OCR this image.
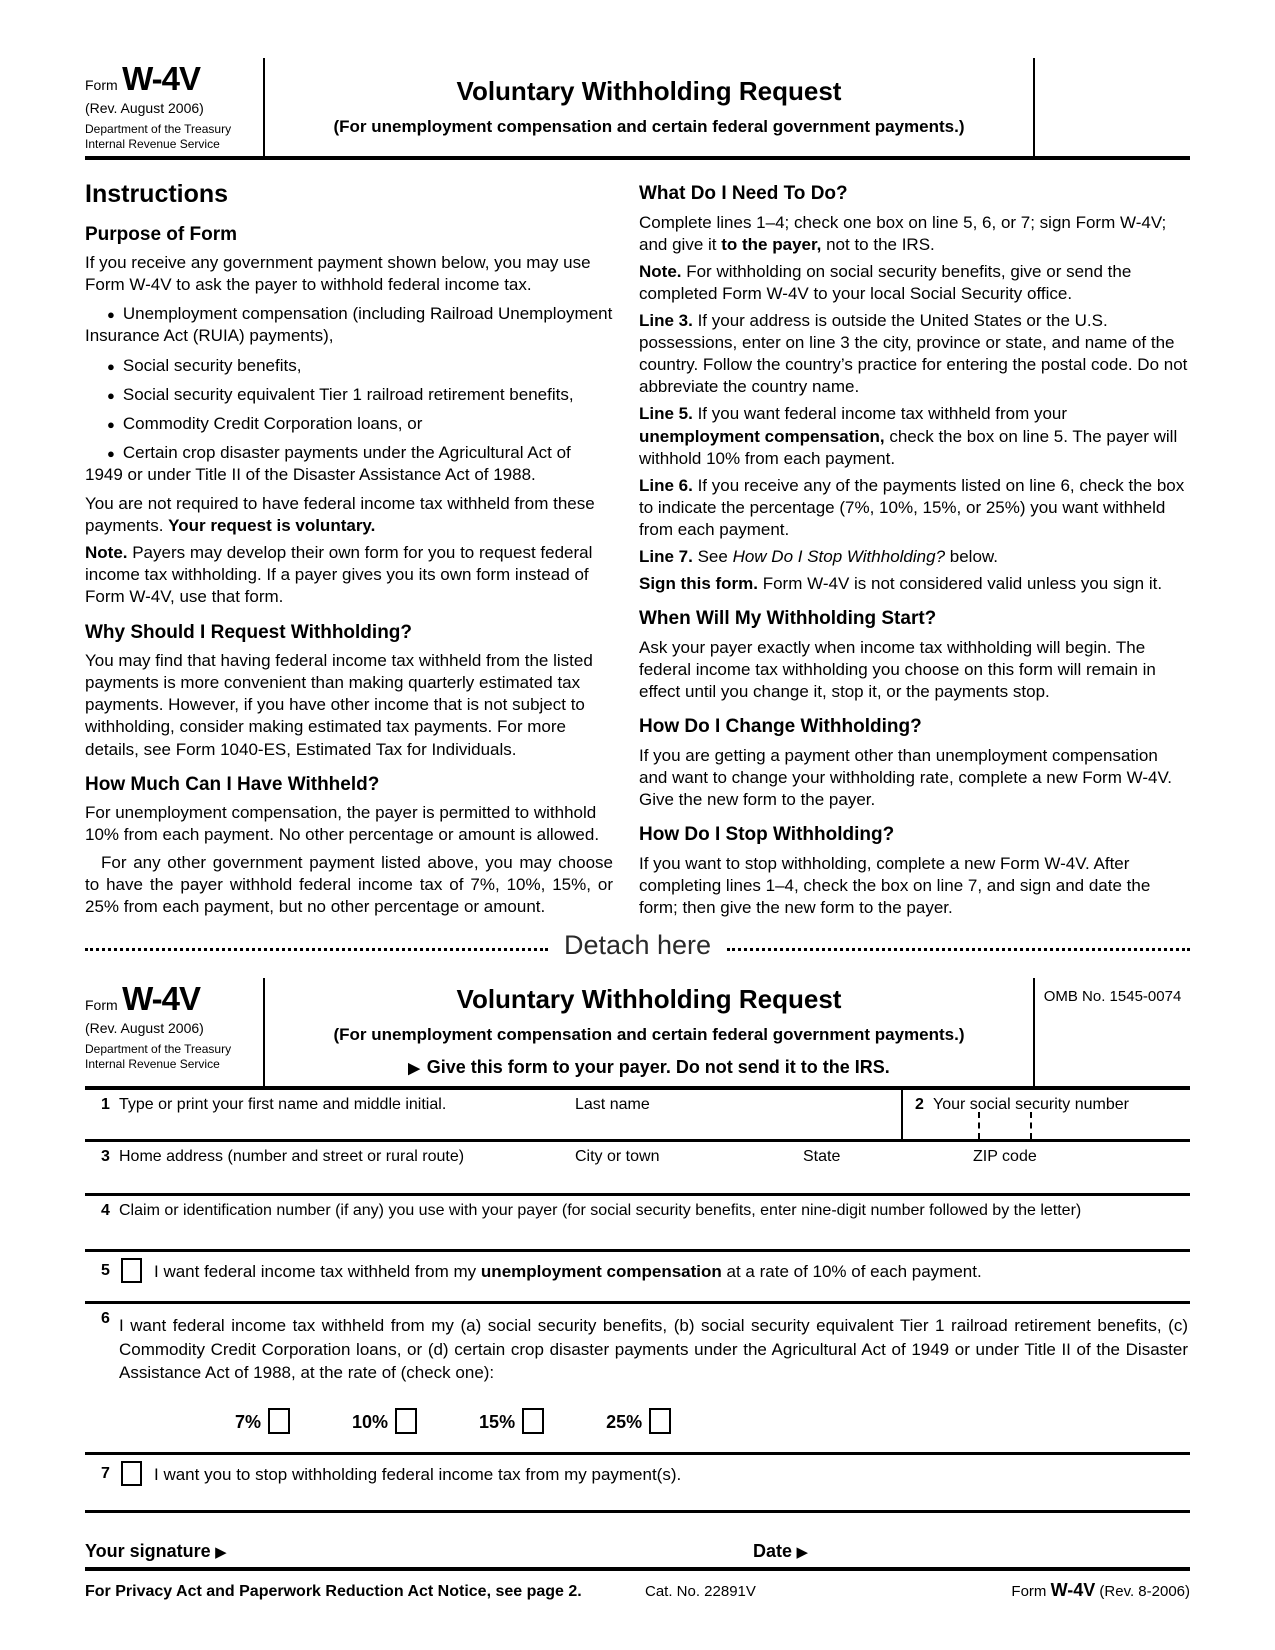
Form W-4V
(Rev. August 2006)
Department of the Treasury
Internal Revenue Service
Voluntary Withholding Request
(For unemployment compensation and certain federal government payments.)
Instructions
Purpose of Form

If you receive any government payment shown below, you may use Form W-4V to ask the payer to withhold federal income tax.

● Unemployment compensation (including Railroad Unemployment Insurance Act (RUIA) payments),
● Social security benefits,
● Social security equivalent Tier 1 railroad retirement benefits,
● Commodity Credit Corporation loans, or
● Certain crop disaster payments under the Agricultural Act of 1949 or under Title II of the Disaster Assistance Act of 1988.

You are not required to have federal income tax withheld from these payments. Your request is voluntary.

Note. Payers may develop their own form for you to request federal income tax withholding. If a payer gives you its own form instead of Form W-4V, use that form.

Why Should I Request Withholding?

You may find that having federal income tax withheld from the listed payments is more convenient than making quarterly estimated tax payments. However, if you have other income that is not subject to withholding, consider making estimated tax payments. For more details, see Form 1040-ES, Estimated Tax for Individuals.

How Much Can I Have Withheld?

For unemployment compensation, the payer is permitted to withhold 10% from each payment. No other percentage or amount is allowed.

For any other government payment listed above, you may choose to have the payer withhold federal income tax of 7%, 10%, 15%, or 25% from each payment, but no other percentage or amount.

What Do I Need To Do?

Complete lines 1–4; check one box on line 5, 6, or 7; sign Form W-4V; and give it to the payer, not to the IRS.

Note. For withholding on social security benefits, give or send the completed Form W-4V to your local Social Security office.

Line 3. If your address is outside the United States or the U.S. possessions, enter on line 3 the city, province or state, and name of the country. Follow the country’s practice for entering the postal code. Do not abbreviate the country name.

Line 5. If you want federal income tax withheld from your unemployment compensation, check the box on line 5. The payer will withhold 10% from each payment.

Line 6. If you receive any of the payments listed on line 6, check the box to indicate the percentage (7%, 10%, 15%, or 25%) you want withheld from each payment.

Line 7. See How Do I Stop Withholding? below.

Sign this form. Form W-4V is not considered valid unless you sign it.

When Will My Withholding Start?

Ask your payer exactly when income tax withholding will begin. The federal income tax withholding you choose on this form will remain in effect until you change it, stop it, or the payments stop.

How Do I Change Withholding?

If you are getting a payment other than unemployment compensation and want to change your withholding rate, complete a new Form W-4V. Give the new form to the payer.

How Do I Stop Withholding?

If you want to stop withholding, complete a new Form W-4V. After completing lines 1–4, check the box on line 7, and sign and date the form; then give the new form to the payer.

Detach here
Form W-4V
(Rev. August 2006)
Department of the Treasury
Internal Revenue Service
Voluntary Withholding Request
(For unemployment compensation and certain federal government payments.)
▶ Give this form to your payer. Do not send it to the IRS.
OMB No. 1545-0074
1 Type or print your first name and middle initial.	Last name	2 Your social security number
3 Home address (number and street or rural route)	City or town	State	ZIP code
4 Claim or identification number (if any) you use with your payer (for social security benefits, enter nine-digit number followed by the letter)
5	I want federal income tax withheld from my unemployment compensation at a rate of 10% of each payment.
6 I want federal income tax withheld from my (a) social security benefits, (b) social security equivalent Tier 1 railroad retirement benefits, (c) Commodity Credit Corporation loans, or (d) certain crop disaster payments under the Agricultural Act of 1949 or under Title II of the Disaster Assistance Act of 1988, at the rate of (check one):
7%	10%	15%	25%
7	I want you to stop withholding federal income tax from my payment(s).
Your signature ▶	Date ▶
For Privacy Act and Paperwork Reduction Act Notice, see page 2.	Cat. No. 22891V	Form W-4V (Rev. 8-2006)
